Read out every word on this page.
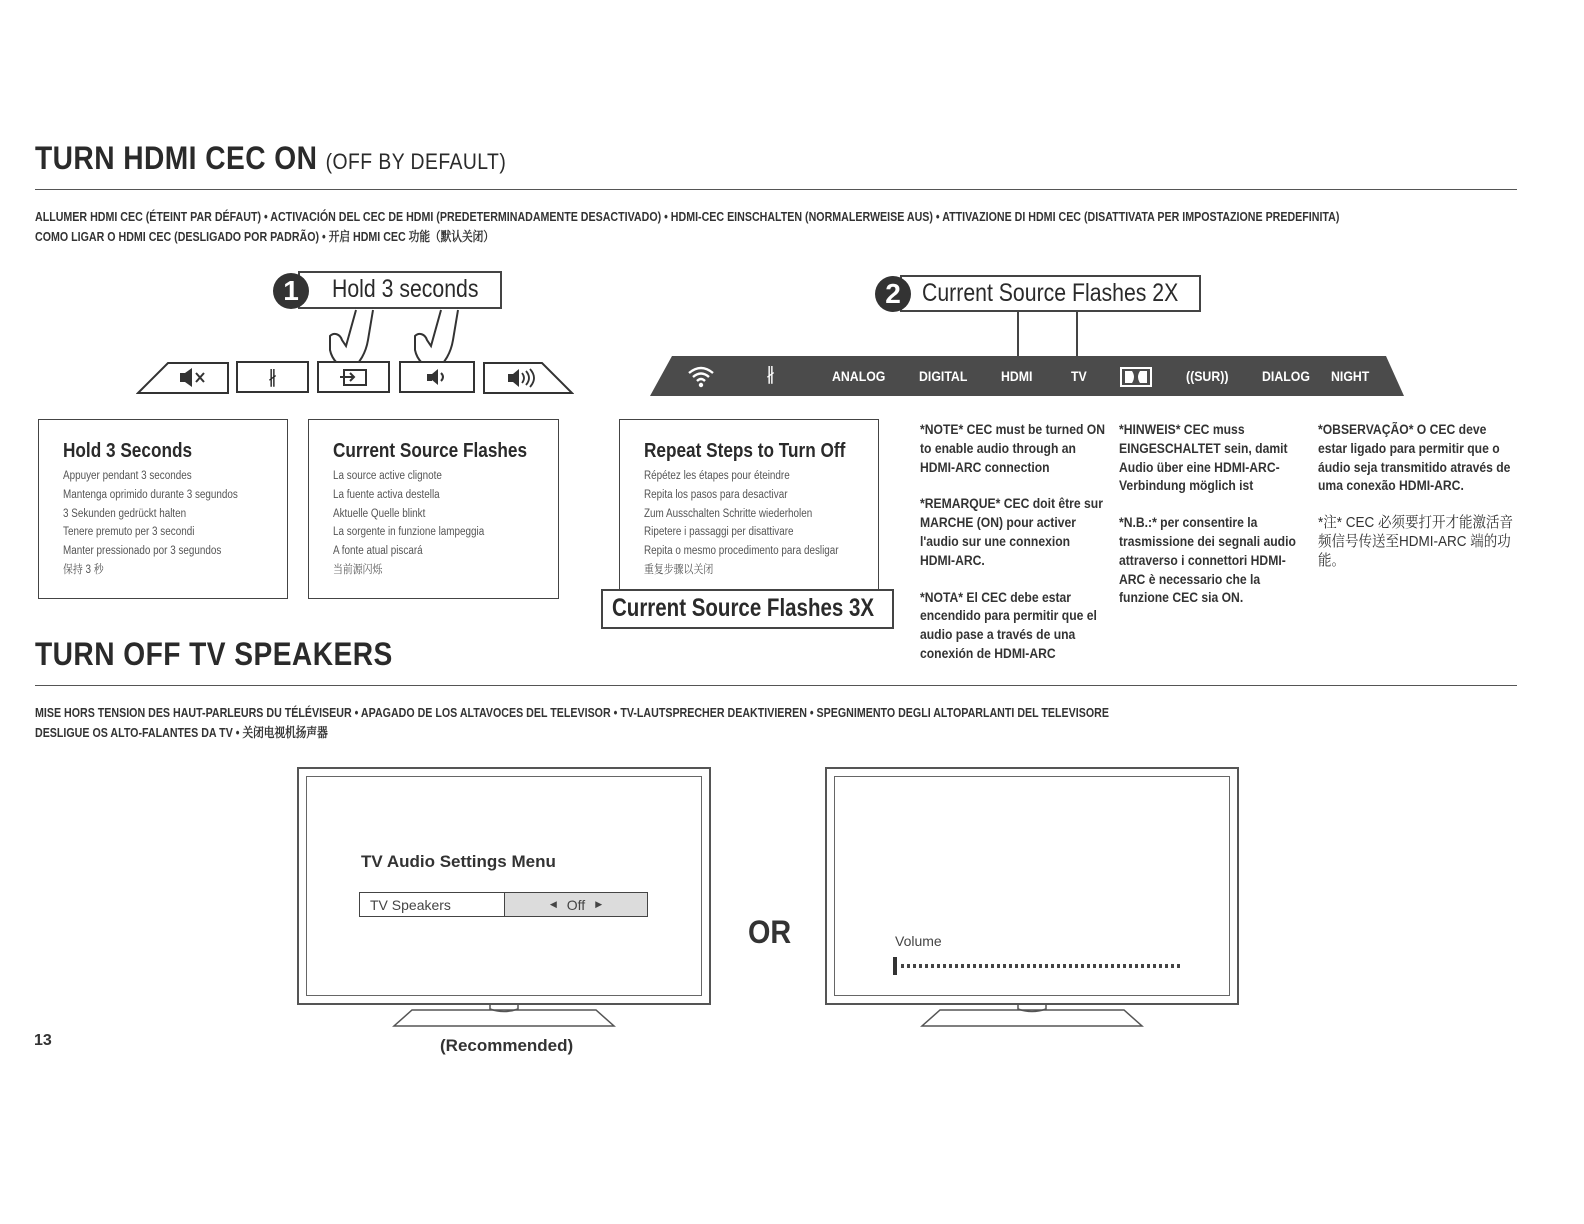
TURN HDMI CEC ON (OFF BY DEFAULT)
ALLUMER HDMI CEC (ÉTEINT PAR DÉFAUT) • ACTIVACIÓN DEL CEC DE HDMI (PREDETERMINADAMENTE DESACTIVADO) • HDMI-CEC EINSCHALTEN (NORMALERWEISE AUS) • ATTIVAZIONE DI HDMI CEC (DISATTIVATA PER IMPOSTAZIONE PREDEFINITA)
COMO LIGAR O HDMI CEC (DESLIGADO POR PADRÃO) • 开启 HDMI CEC 功能（默认关闭）
Hold 3 seconds
1
∦
Current Source Flashes 2X
2
∦	ANALOG DIGITAL HDMI	TV	((SUR)) DIALOG NIGHT
Hold 3 Seconds
Appuyer pendant 3 secondes
Mantenga oprimido durante 3 segundos
3 Sekunden gedrückt halten
Tenere premuto per 3 secondi
Manter pressionado por 3 segundos
保持 3 秒
Current Source Flashes
La source active clignote
La fuente activa destella
Aktuelle Quelle blinkt
La sorgente in funzione lampeggia
A fonte atual piscará
当前源闪烁
Repeat Steps to Turn Off
Répétez les étapes pour éteindre
Repita los pasos para desactivar
Zum Ausschalten Schritte wiederholen
Ripetere i passaggi per disattivare
Repita o mesmo procedimento para desligar
重复步骤以关闭
Current Source Flashes 3X

*NOTE* CEC must be turned ON to enable audio through an HDMI-ARC connection

*REMARQUE* CEC doit être sur MARCHE (ON) pour activer l'audio sur une connexion HDMI-ARC.

*NOTA* El CEC debe estar encendido para permitir que el audio pase a través de una conexión de HDMI-ARC

*HINWEIS* CEC muss EINGESCHALTET sein, damit Audio über eine HDMI-ARC-Verbindung möglich ist

*N.B.:* per consentire la trasmissione dei segnali audio attraverso i connettori HDMI-ARC è necessario che la funzione CEC sia ON.

*OBSERVAÇÃO* O CEC deve estar ligado para permitir que o áudio seja transmitido através de uma conexão HDMI-ARC.

*注* CEC 必须要打开才能激活音频信号传送至HDMI-ARC 端的功能。

TURN OFF TV SPEAKERS
MISE HORS TENSION DES HAUT-PARLEURS DU TÉLÉVISEUR • APAGADO DE LOS ALTAVOCES DEL TELEVISOR • TV-LAUTSPRECHER DEAKTIVIEREN • SPEGNIMENTO DEGLI ALTOPARLANTI DEL TELEVISORE
DESLIGUE OS ALTO-FALANTES DA TV • 关闭电视机扬声器
TV Audio Settings Menu
TV Speakers	◀ Off ▶
(Recommended)
OR	Volume
13
